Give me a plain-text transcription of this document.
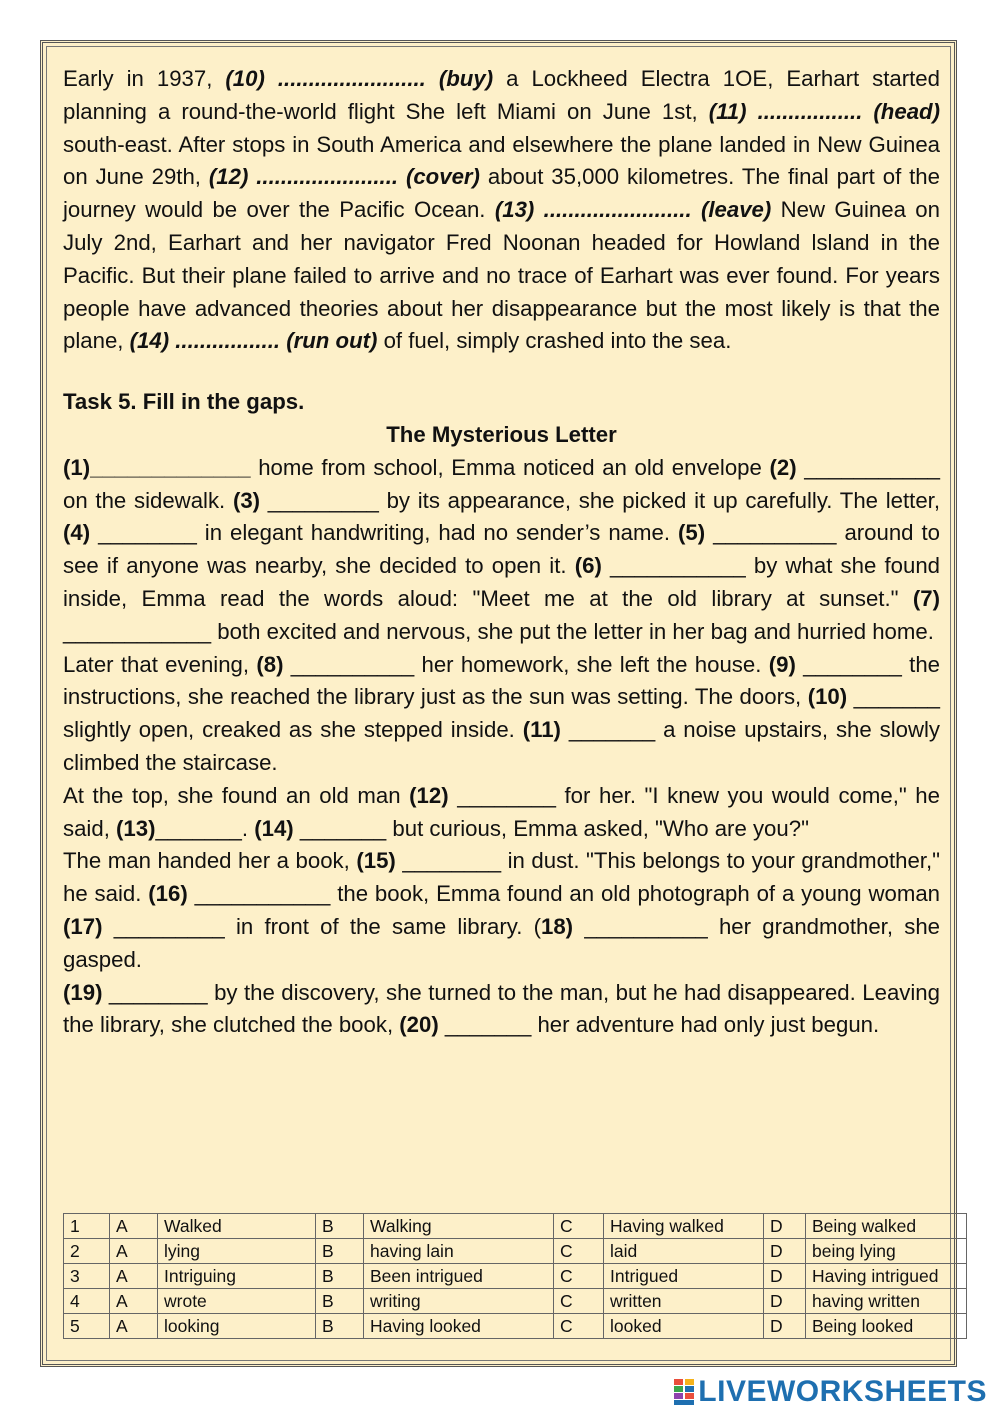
Early in 1937, (10) ........................ (buy) a Lockheed Electra 1OE, Earhart started planning a round-the-world flight She left Miami on June 1st, (11) ................. (head) south-east. After stops in South America and elsewhere the plane landed in New Guinea on June 29th, (12) ....................... (cover) about 35,000 kilometres. The final part of the journey would be over the Pacific Ocean. (13) ........................ (leave) New Guinea on July 2nd, Earhart and her navigator Fred Noonan headed for Howland lsland in the Pacific. But their plane failed to arrive and no trace of Earhart was ever found. For years people have advanced theories about her disappearance but the most likely is that the plane, (14) ................. (run out) of fuel, simply crashed into the sea.

Task 5. Fill in the gaps.

The Mysterious Letter

(1)_____________ home from school, Emma noticed an old envelope (2) ___________ on the sidewalk. (3) _________ by its appearance, she picked it up carefully. The letter, (4) ________ in elegant handwriting, had no sender’s name. (5) __________ around to see if anyone was nearby, she decided to open it. (6) ___________ by what she found inside, Emma read the words aloud: "Meet me at the old library at sunset." (7) ____________ both excited and nervous, she put the letter in her bag and hurried home.

Later that evening, (8) __________ her homework, she left the house. (9) ________ the instructions, she reached the library just as the sun was setting. The doors, (10) _______ slightly open, creaked as she stepped inside. (11) _______ a noise upstairs, she slowly climbed the staircase.

At the top, she found an old man (12) ________ for her. "I knew you would come," he said, (13)_______. (14) _______ but curious, Emma asked, "Who are you?"

The man handed her a book, (15) ________ in dust. "This belongs to your grandmother," he said. (16) ___________ the book, Emma found an old photograph of a young woman (17) _________ in front of the same library. (18) __________ her grandmother, she gasped.

(19) ________ by the discovery, she turned to the man, but he had disappeared. Leaving the library, she clutched the book, (20) _______ her adventure had only just begun.

1	A	Walked	B	Walking	C	Having walked	D	Being walked
2	A	lying	B	having lain	C	laid	D	being lying
3	A	Intriguing	B	Been intrigued	C	Intrigued	D	Having intrigued
4	A	wrote	B	writing	C	written	D	having written
5	A	looking	B	Having looked	C	looked	D	Being looked
LIVEWORKSHEETS
